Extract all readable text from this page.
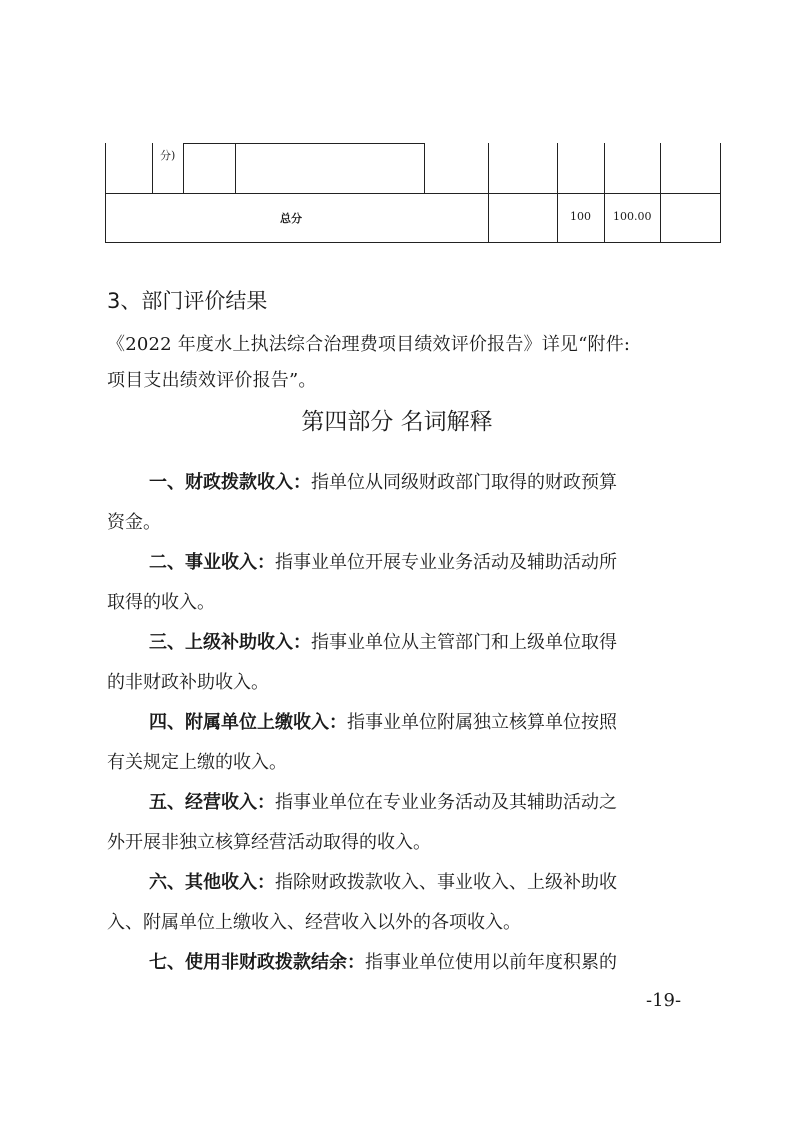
分)
总分	100 100.00
3、部门评价结果
《2022 年度水上执法综合治理费项目绩效评价报告》详见“附件:
项目支出绩效评价报告”。
第四部分 名词解释
一、财政拨款收入：指单位从同级财政部门取得的财政预算
资金。
二、事业收入：指事业单位开展专业业务活动及辅助活动所
取得的收入。
三、上级补助收入：指事业单位从主管部门和上级单位取得
的非财政补助收入。
四、附属单位上缴收入：指事业单位附属独立核算单位按照
有关规定上缴的收入。
五、经营收入：指事业单位在专业业务活动及其辅助活动之
外开展非独立核算经营活动取得的收入。
六、其他收入：指除财政拨款收入、事业收入、上级补助收
入、附属单位上缴收入、经营收入以外的各项收入。
七、使用非财政拨款结余：指事业单位使用以前年度积累的
-19-
